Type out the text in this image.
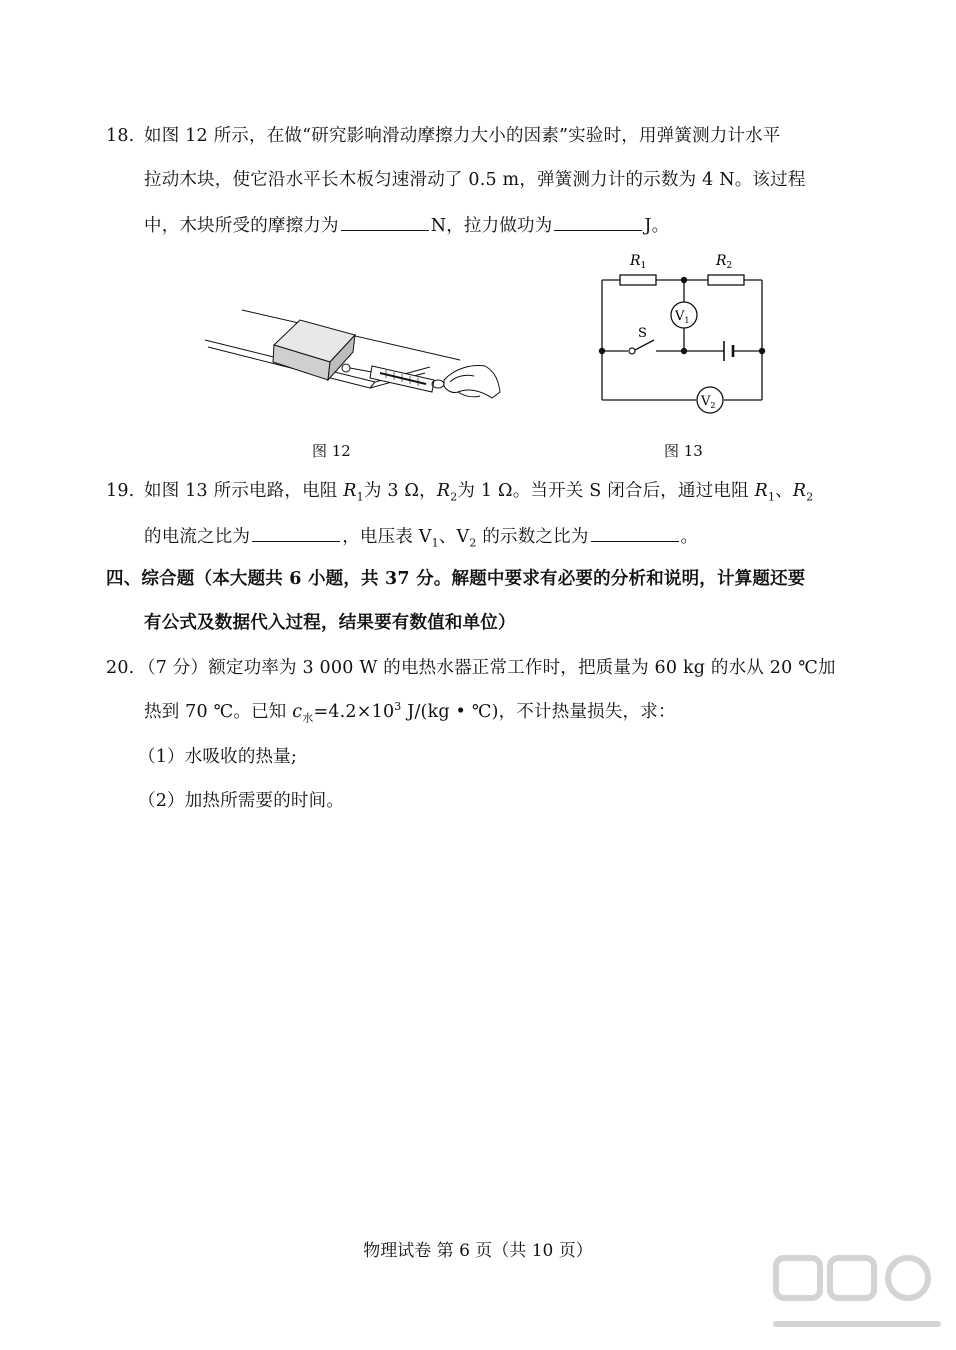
18. 如图 12 所示，在做“研究影响滑动摩擦力大小的因素”实验时，用弹簧测力计水平
拉动木块，使它沿水平长木板匀速滑动了 0.5 m，弹簧测力计的示数为 4 N。该过程
中，木块所受的摩擦力为	N，拉力做功为	J。
图 12
$R_1$	$R_2$
S
$V_1$
$V_2$
图 13
19. 如图 13 所示电路，电阻 $R_1$为 3 Ω，$R_2$为 1 Ω。当开关 S 闭合后，通过电阻 $R_1$、$R_2$
的电流之比为	，电压表 $V_1$、$V_2$ 的示数之比为	。
四、综合题（本大题共 6 小题，共 37 分。解题中要求有必要的分析和说明，计算题还要
有公式及数据代入过程，结果要有数值和单位）
20. （7 分）额定功率为 3 000 W 的电热水器正常工作时，把质量为 60 kg 的水从 20 ℃加
热到 70 ℃。已知 $c_水=4.2\times 10^3$ J/(kg • ℃)，不计热量损失，求：
（1）水吸收的热量;
（2）加热所需要的时间。
物理试卷 第 6 页（共 10 页）
